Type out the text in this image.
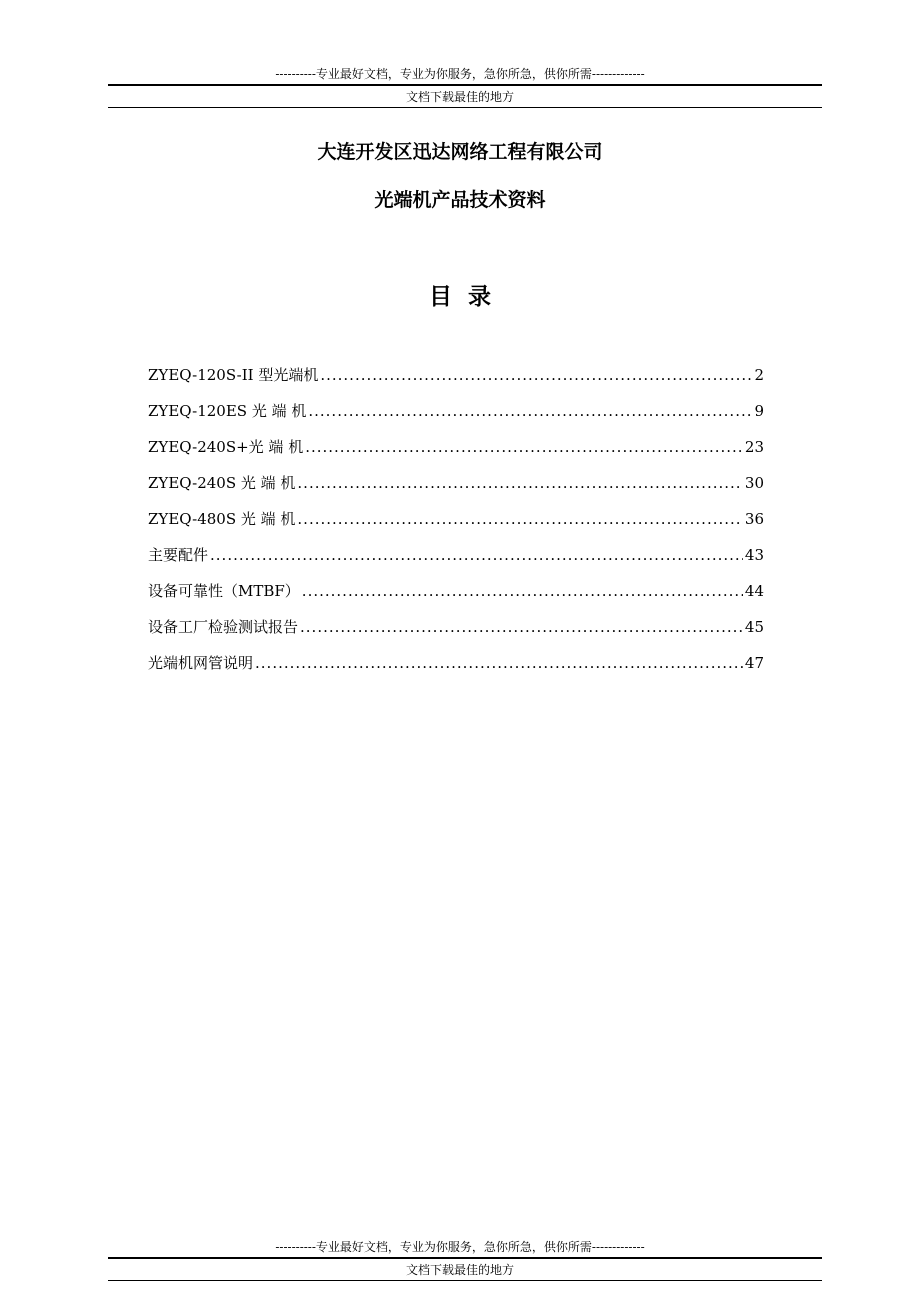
----------专业最好文档，专业为你服务，急你所急，供你所需-------------
文档下载最佳的地方
大连开发区迅达网络工程有限公司
光端机产品技术资料
目录
ZYEQ-120S-II 型光端机 .....	2
ZYEQ-120ES 光 端 机 .....	9
ZYEQ-240S+光 端 机 .....	23
ZYEQ-240S 光 端 机 .....	30
ZYEQ-480S 光 端 机 .....	36
主要配件 .....	43
设备可靠性（MTBF） .....	44
设备工厂检验测试报告 .....	45
光端机网管说明 .....	47
----------专业最好文档，专业为你服务，急你所急，供你所需-------------
文档下载最佳的地方
